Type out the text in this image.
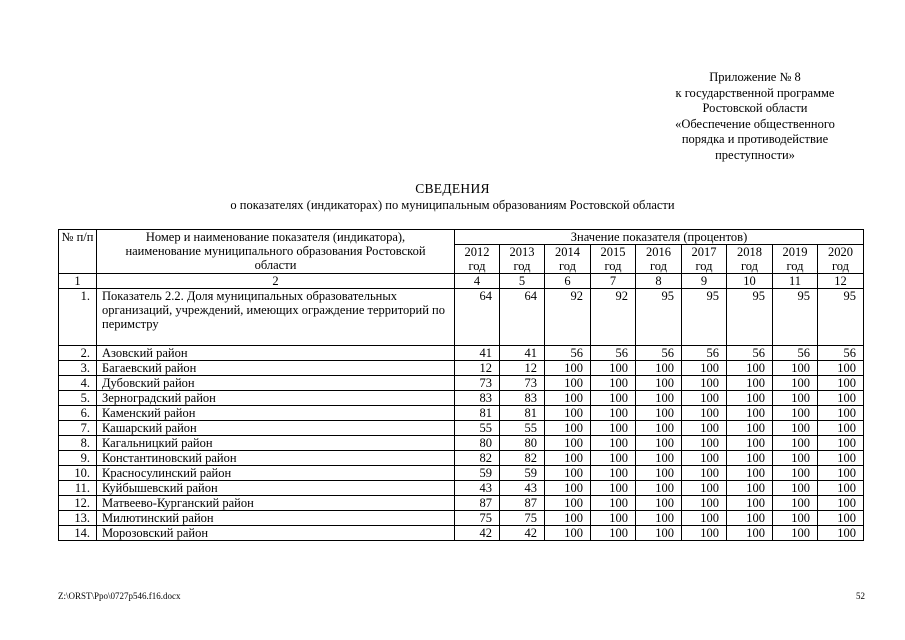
Приложение № 8
к государственной программе
Ростовской области
«Обеспечение общественного
порядка и противодействие
преступности»
СВЕДЕНИЯ
о показателях (индикаторах) по муниципальным образованиям Ростовской области
№ п/п	Номер и наименование показателя (индикатора), наименование муниципального образования Ростовской области	Значение показателя (процентов)								
		2012 год	2013 год	2014 год	2015 год	2016 год	2017 год	2018 год	2019 год	2020 год
1	2	4	5	6	7	8	9	10	11	12
1.	Показатель 2.2. Доля муниципальных образовательных организаций, учреждений, имеющих ограждение территорий по перимстру	64	64	92	92	95	95	95	95	95
2.	Азовский район	41	41	56	56	56	56	56	56	56
3.	Багаевский район	12	12	100	100	100	100	100	100	100
4.	Дубовский район	73	73	100	100	100	100	100	100	100
5.	Зерноградский район	83	83	100	100	100	100	100	100	100
6.	Каменский район	81	81	100	100	100	100	100	100	100
7.	Кашарский район	55	55	100	100	100	100	100	100	100
8.	Кагальницкий район	80	80	100	100	100	100	100	100	100
9.	Константиновский район	82	82	100	100	100	100	100	100	100
10.	Красносулинский район	59	59	100	100	100	100	100	100	100
11.	Куйбышевский район	43	43	100	100	100	100	100	100	100
12.	Матвеево-Курганский район	87	87	100	100	100	100	100	100	100
13.	Милютинский район	75	75	100	100	100	100	100	100	100
14.	Морозовский район	42	42	100	100	100	100	100	100	100
Z:\ORST\Ppo\0727p546.f16.docx	52
